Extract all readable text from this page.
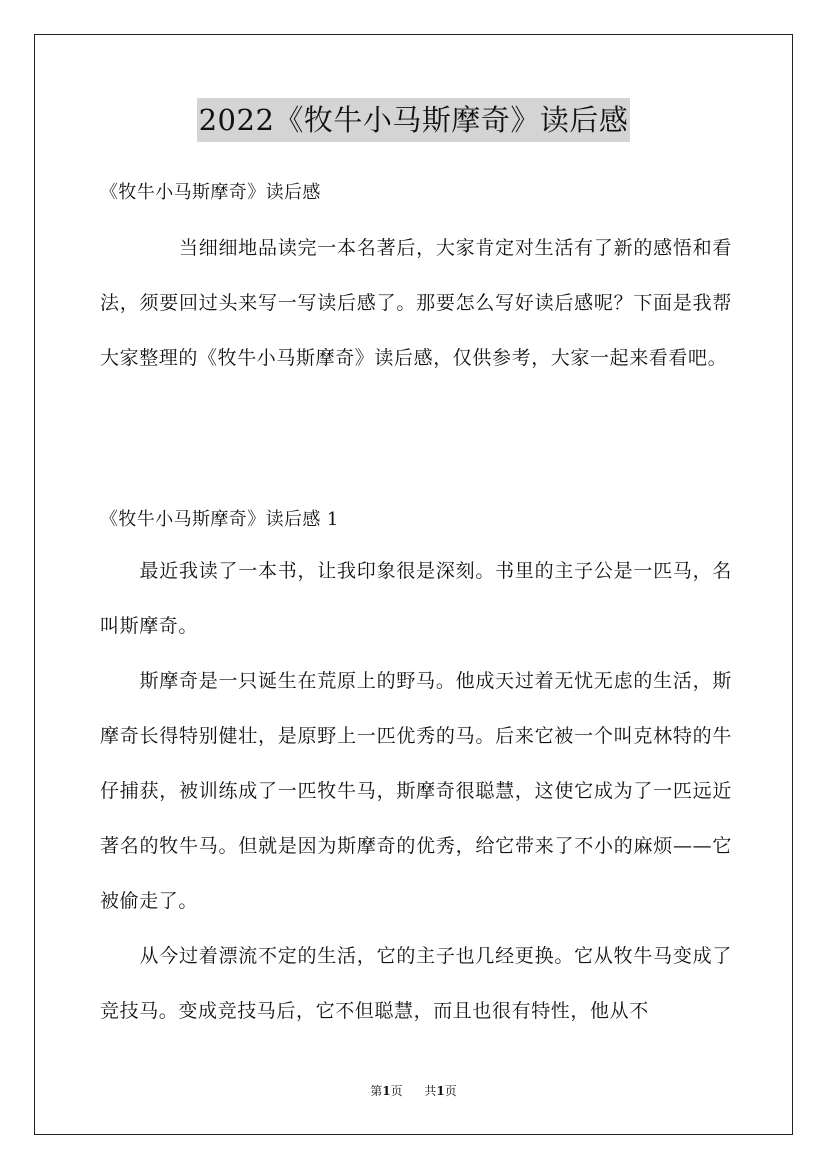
2022《牧牛小马斯摩奇》读后感

《牧牛小马斯摩奇》读后感

　　　　当细细地品读完一本名著后，大家肯定对生活有了新的感悟和看法，须要回过头来写一写读后感了。那要怎么写好读后感呢？下面是我帮大家整理的《牧牛小马斯摩奇》读后感，仅供参考，大家一起来看看吧。

《牧牛小马斯摩奇》读后感 1

　　最近我读了一本书，让我印象很是深刻。书里的主子公是一匹马，名叫斯摩奇。

　　斯摩奇是一只诞生在荒原上的野马。他成天过着无忧无虑的生活，斯摩奇长得特别健壮，是原野上一匹优秀的马。后来它被一个叫克林特的牛仔捕获，被训练成了一匹牧牛马，斯摩奇很聪慧，这使它成为了一匹远近著名的牧牛马。但就是因为斯摩奇的优秀，给它带来了不小的麻烦——它被偷走了。

　　从今过着漂流不定的生活，它的主子也几经更换。它从牧牛马变成了竞技马。变成竞技马后，它不但聪慧，而且也很有特性，他从不

第1页 共1页
